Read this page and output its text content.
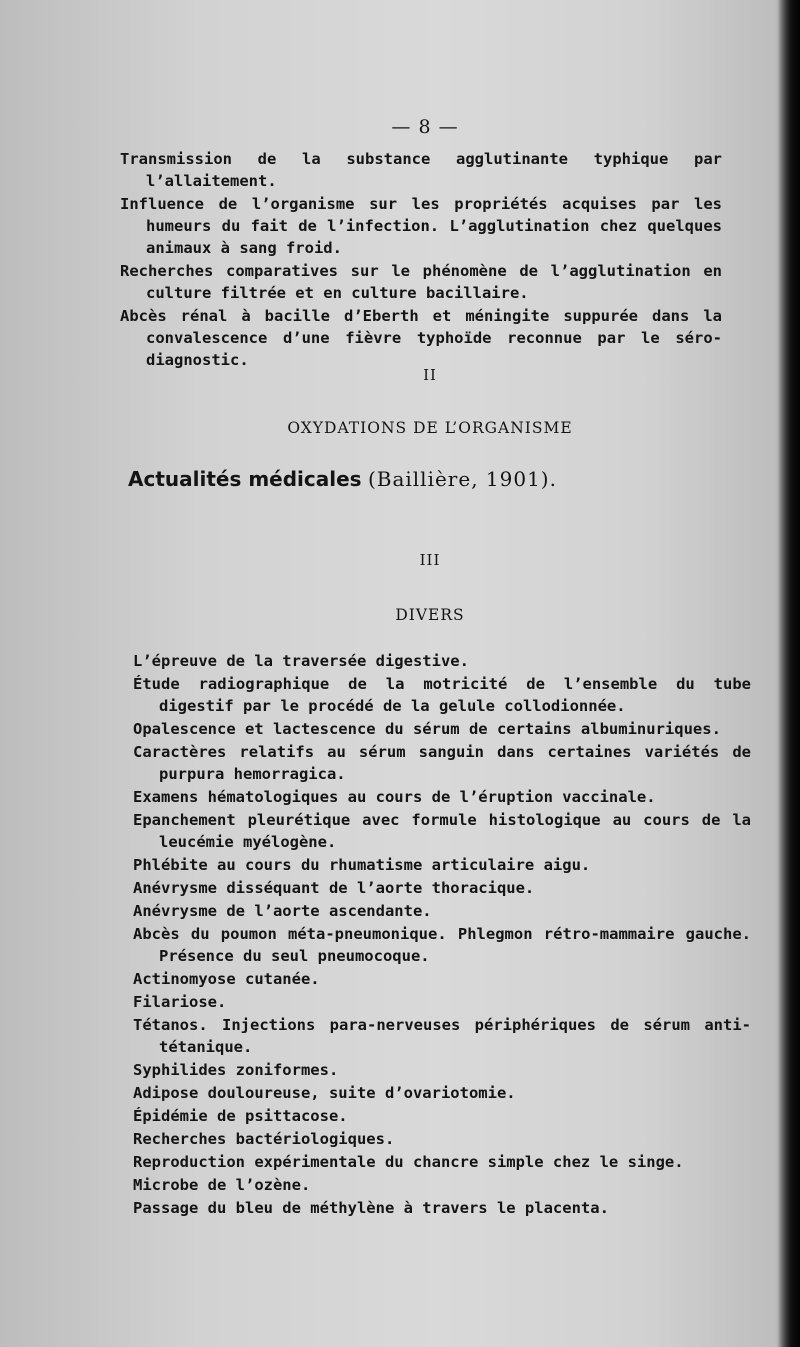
— 8 —

Transmission de la substance agglutinante typhique par l’allaitement.

Influence de l’organisme sur les propriétés acquises par les humeurs du fait de l’infection. L’agglutination chez quelques animaux à sang froid.

Recherches comparatives sur le phénomène de l’agglutination en culture filtrée et en culture bacillaire.

Abcès rénal à bacille d’Eberth et méningite suppurée dans la convalescence d’une fièvre typhoïde reconnue par le séro-diagnostic.

II
OXYDATIONS DE L’ORGANISME
Actualités médicales (Baillière, 1901).
III
DIVERS

L’épreuve de la traversée digestive.

Étude radiographique de la motricité de l’ensemble du tube digestif par le procédé de la gelule collodionnée.

Opalescence et lactescence du sérum de certains albuminuriques.

Caractères relatifs au sérum sanguin dans certaines variétés de purpura hemorragica.

Examens hématologiques au cours de l’éruption vaccinale.

Epanchement pleurétique avec formule histologique au cours de la leucémie myélogène.

Phlébite au cours du rhumatisme articulaire aigu.

Anévrysme disséquant de l’aorte thoracique.

Anévrysme de l’aorte ascendante.

Abcès du poumon méta-pneumonique. Phlegmon rétro-mammaire gauche. Présence du seul pneumocoque.

Actinomyose cutanée.

Filariose.

Tétanos. Injections para-nerveuses périphériques de sérum anti-tétanique.

Syphilides zoniformes.

Adipose douloureuse, suite d’ovariotomie.

Épidémie de psittacose.

Recherches bactériologiques.

Reproduction expérimentale du chancre simple chez le singe.

Microbe de l’ozène.

Passage du bleu de méthylène à travers le placenta.
